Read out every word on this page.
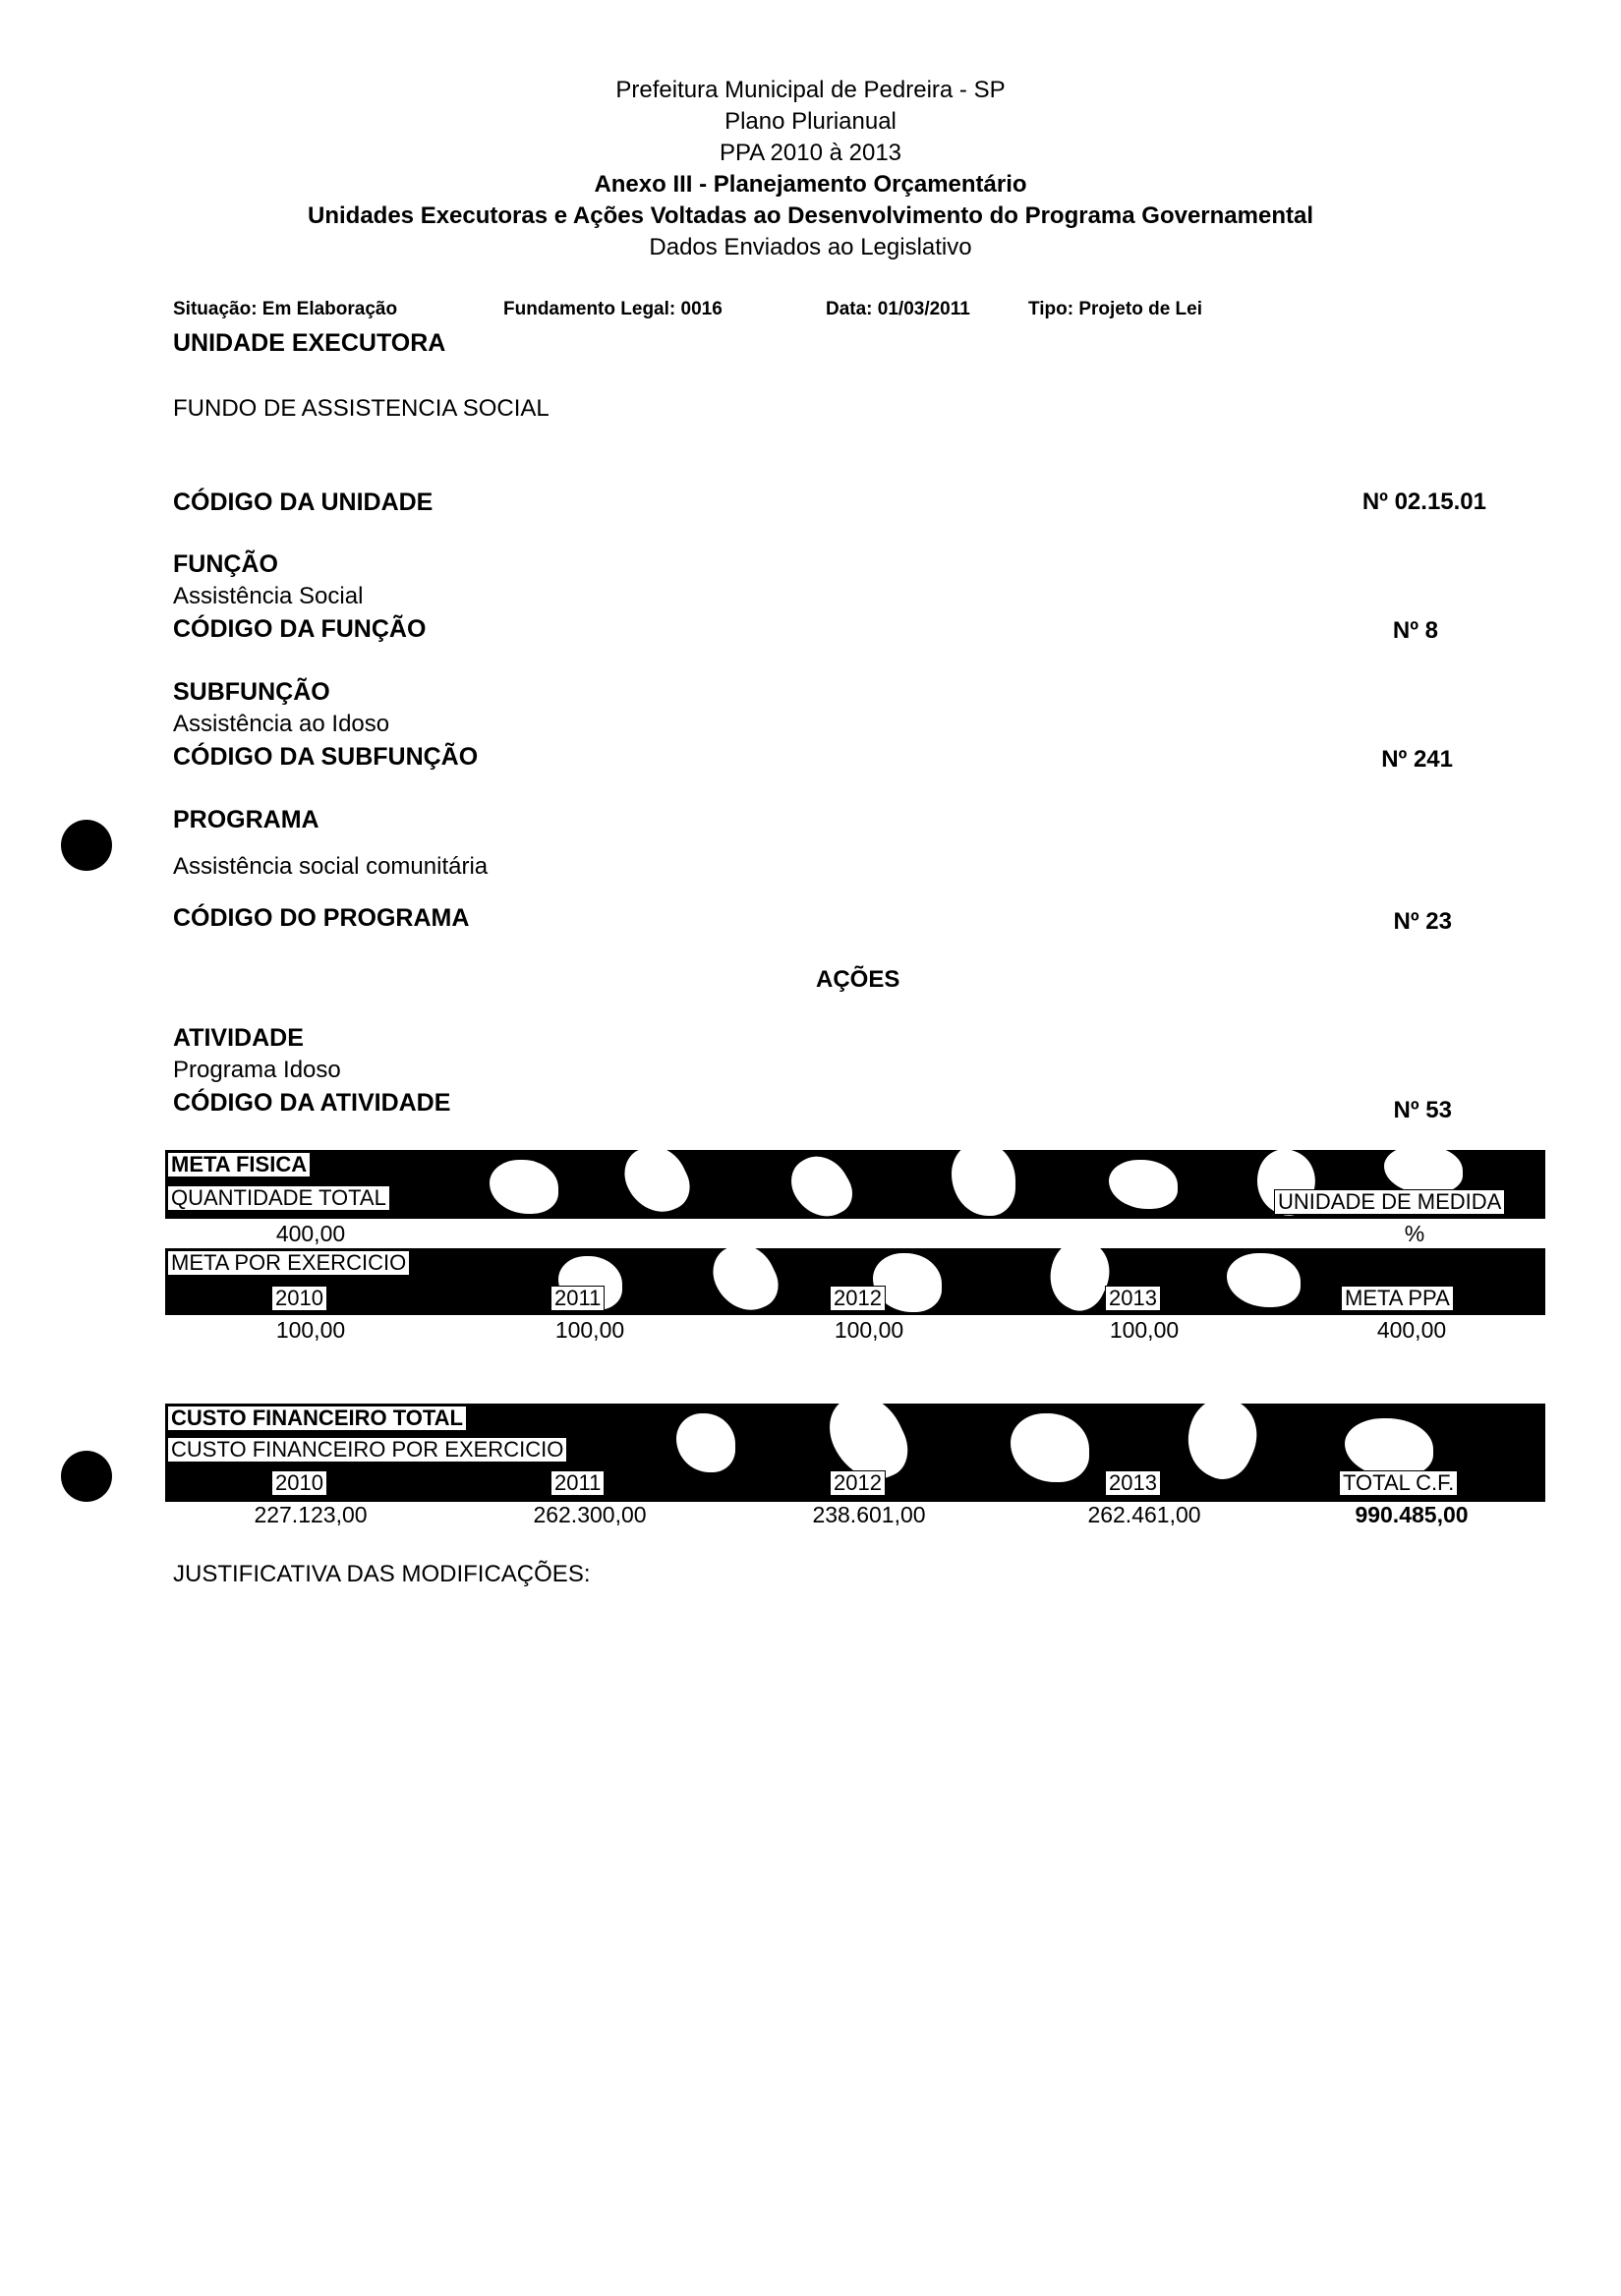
Prefeitura Municipal de Pedreira - SP
Plano Plurianual
PPA 2010 à 2013
Anexo III - Planejamento Orçamentário
Unidades Executoras e Ações Voltadas ao Desenvolvimento do Programa Governamental
Dados Enviados ao Legislativo
Situação: Em Elaboração	Fundamento Legal: 0016	Data: 01/03/2011	Tipo: Projeto de Lei
UNIDADE EXECUTORA
FUNDO DE ASSISTENCIA SOCIAL
CÓDIGO DA UNIDADE	Nº 02.15.01
FUNÇÃO
Assistência Social
CÓDIGO DA FUNÇÃO	Nº 8
SUBFUNÇÃO
Assistência ao Idoso
CÓDIGO DA SUBFUNÇÃO	Nº 241
PROGRAMA
Assistência social comunitária
CÓDIGO DO PROGRAMA	Nº 23
AÇÕES
ATIVIDADE
Programa Idoso
CÓDIGO DA ATIVIDADE	Nº 53
META FISICA
QUANTIDADE TOTAL	UNIDADE DE MEDIDA
400,00	%
META POR EXERCICIO
2010	2011	2012	2013	META PPA
100,00	100,00	100,00	100,00	400,00
CUSTO FINANCEIRO TOTAL
CUSTO FINANCEIRO POR EXERCICIO
2010	2011	2012	2013	TOTAL C.F.
227.123,00	262.300,00	238.601,00	262.461,00	990.485,00
JUSTIFICATIVA DAS MODIFICAÇÕES:
